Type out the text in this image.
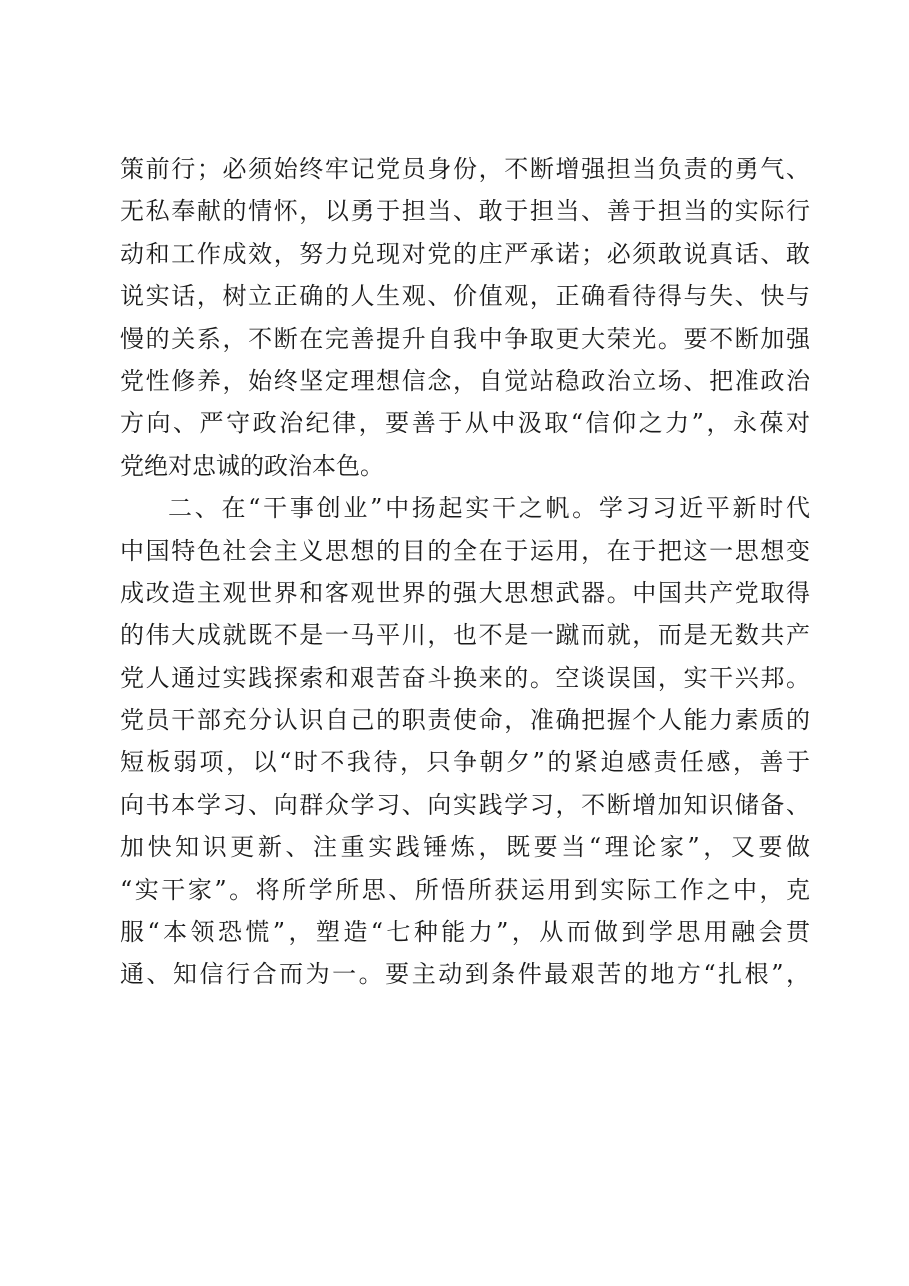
策前行；必须始终牢记党员身份，不断增强担当负责的勇气、
无私奉献的情怀，以勇于担当、敢于担当、善于担当的实际行
动和工作成效，努力兑现对党的庄严承诺；必须敢说真话、敢
说实话，树立正确的人生观、价值观，正确看待得与失、快与
慢的关系，不断在完善提升自我中争取更大荣光。要不断加强
党性修养，始终坚定理想信念，自觉站稳政治立场、把准政治
方向、严守政治纪律，要善于从中汲取“信仰之力”，永葆对
党绝对忠诚的政治本色。
二、在“干事创业”中扬起实干之帆。学习习近平新时代
中国特色社会主义思想的目的全在于运用，在于把这一思想变
成改造主观世界和客观世界的强大思想武器。中国共产党取得
的伟大成就既不是一马平川，也不是一蹴而就，而是无数共产
党人通过实践探索和艰苦奋斗换来的。空谈误国，实干兴邦。
党员干部充分认识自己的职责使命，准确把握个人能力素质的
短板弱项，以“时不我待，只争朝夕”的紧迫感责任感，善于
向书本学习、向群众学习、向实践学习，不断增加知识储备、
加快知识更新、注重实践锤炼，既要当“理论家”，又要做
“实干家”。将所学所思、所悟所获运用到实际工作之中，克
服“本领恐慌”，塑造“七种能力”，从而做到学思用融会贯
通、知信行合而为一。要主动到条件最艰苦的地方“扎根”，
